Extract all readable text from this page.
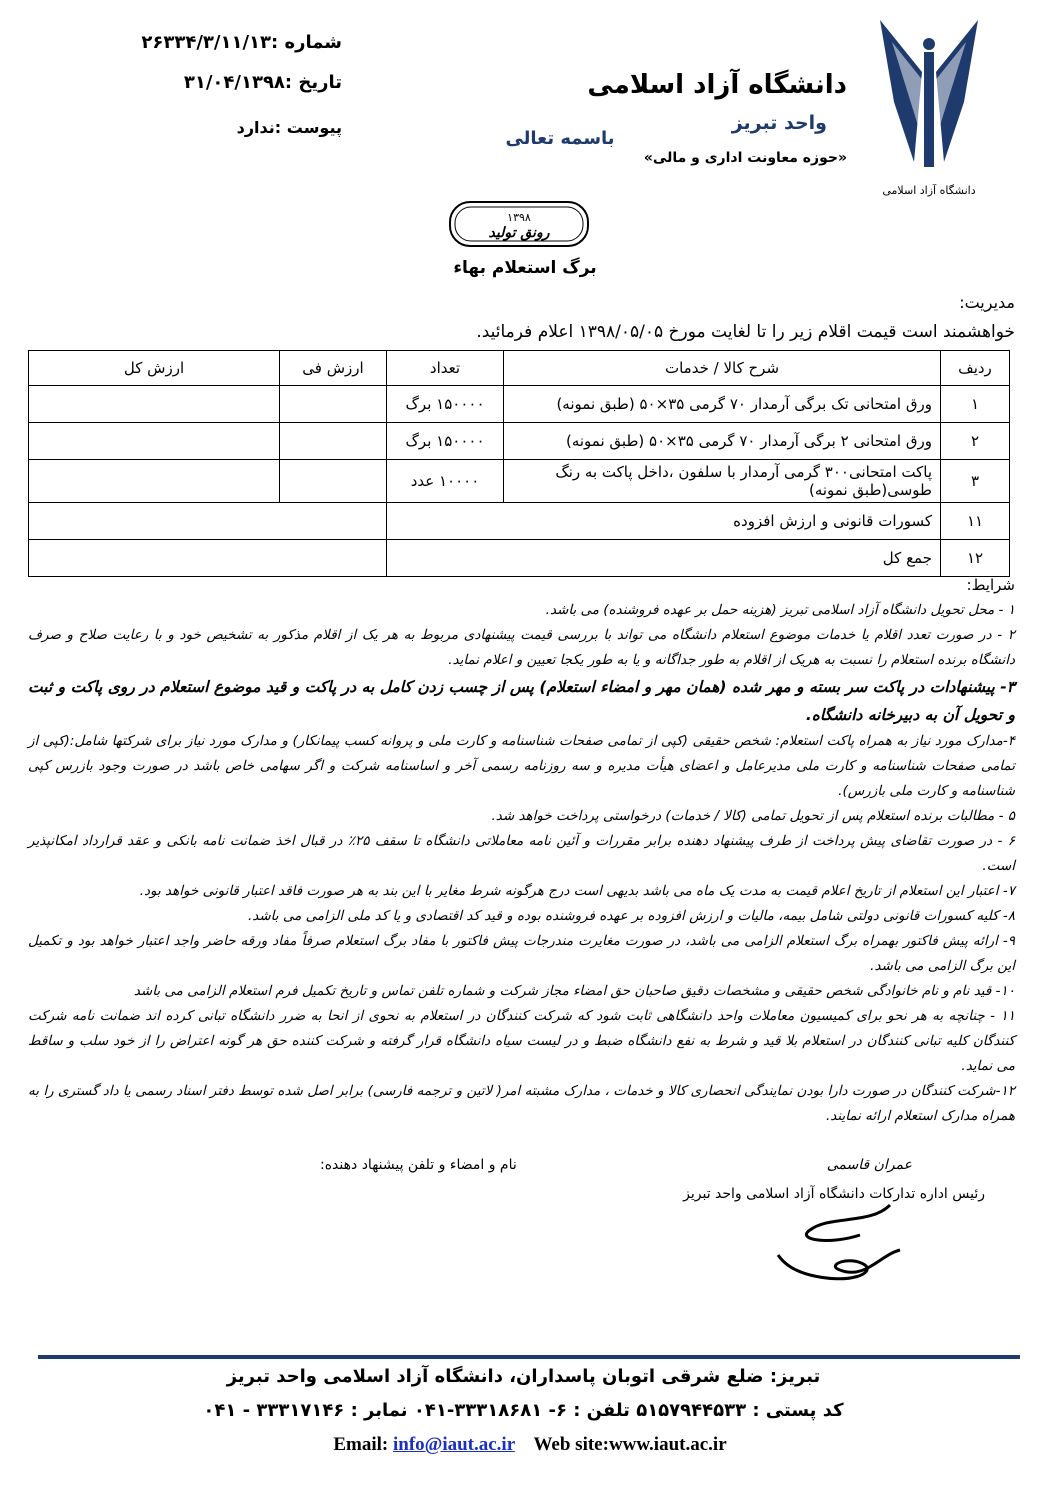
دانشگاه آزاد اسلامی
دانشگاه آزاد اسلامی
واحد تبریز
«حوزه معاونت اداری و مالی»
باسمه تعالی
شماره :۲۶۳۳۴/۳/۱۱/۱۳
تاریخ :۳۱/۰۴/۱۳۹۸
پیوست :ندارد
۱۳۹۸
رونق تولید
برگ استعلام بهاء
مدیریت:
خواهشمند است قیمت اقلام زیر را تا لغایت مورخ ۱۳۹۸/۰۵/۰۵ اعلام فرمائید.
ردیف	شرح کالا / خدمات	تعداد	ارزش فی	ارزش کل
۱	ورق امتحانی تک برگی آرمدار ۷۰ گرمی ۳۵×۵۰ (طبق نمونه)	۱۵۰۰۰۰ برگ		
۲	ورق امتحانی ۲ برگی آرمدار ۷۰ گرمی ۳۵×۵۰ (طبق نمونه)	۱۵۰۰۰۰ برگ		
۳	پاکت امتحانی۳۰۰ گرمی آرمدار با سلفون ،داخل پاکت به رنگ طوسی(طبق نمونه)	۱۰۰۰۰ عدد		
۱۱	کسورات قانونی و ارزش افزوده			
۱۲	جمع کل			
شرایط:

۱ - محل تحویل دانشگاه آزاد اسلامی تبریز (هزینه حمل بر عهده فروشنده) می باشد.

۲ - در صورت تعدد اقلام یا خدمات موضوع استعلام دانشگاه می تواند با بررسی قیمت پیشنهادی مربوط به هر یک از اقلام مذکور به تشخیص خود و با رعایت صلاح و صرف دانشگاه برنده استعلام را نسبت به هریک از اقلام به طور جداگانه و یا به طور یکجا تعیین و اعلام نماید.

۳- پیشنهادات در پاکت سر بسته و مهر شده (همان مهر و امضاء استعلام) پس از چسب زدن کامل به در پاکت و قید موضوع استعلام در روی پاکت و ثبت و تحویل آن به دبیرخانه دانشگاه.

۴-مدارک مورد نیاز به همراه پاکت استعلام: شخص حقیقی (کپی از تمامی صفحات شناسنامه و کارت ملی و پروانه کسب پیمانکار) و مدارک مورد نیاز برای شرکتها شامل:(کپی از تمامی صفحات شناسنامه و کارت ملی مدیرعامل و اعضای هیأت مدیره و سه روزنامه رسمی آخر و اساسنامه شرکت و اگر سهامی خاص باشد در صورت وجود بازرس کپی شناسنامه و کارت ملی بازرس).

۵ - مطالبات برنده استعلام پس از تحویل تمامی (کالا / خدمات) درخواستی پرداخت خواهد شد.

۶ - در صورت تقاضای پیش پرداخت از طرف پیشنهاد دهنده برابر مقررات و آئین نامه معاملاتی دانشگاه تا سقف ۲۵٪ در قبال اخذ ضمانت نامه بانکی و عقد قرارداد امکانپذیر است.

۷- اعتبار این استعلام از تاریخ اعلام قیمت به مدت یک ماه می باشد بدیهی است درج هرگونه شرط مغایر با این بند به هر صورت فاقد اعتبار قانونی خواهد بود.

۸- کلیه کسورات قانونی دولتی شامل بیمه، مالیات و ارزش افزوده بر عهده فروشنده بوده و قید کد اقتصادی و یا کد ملی الزامی می باشد.

۹- ارائه پیش فاکتور بهمراه برگ استعلام الزامی می باشد، در صورت مغایرت مندرجات پیش فاکتور با مفاد برگ استعلام صرفاً مفاد ورقه حاضر واجد اعتبار خواهد بود و تکمیل این برگ الزامی می باشد.

۱۰- قید نام و نام خانوادگی شخص حقیقی و مشخصات دقیق صاحبان حق امضاء مجاز شرکت و شماره تلفن تماس و تاریخ تکمیل فرم استعلام الزامی می باشد

۱۱ - چنانچه به هر نحو برای کمیسیون معاملات واحد دانشگاهی ثابت شود که شرکت کنندگان در استعلام به نحوی از انحا به ضرر دانشگاه تبانی کرده اند ضمانت نامه شرکت کنندگان کلیه تبانی کنندگان در استعلام بلا قید و شرط به نفع دانشگاه ضبط و در لیست سیاه دانشگاه قرار گرفته و شرکت کننده حق هر گونه اعتراض را از خود سلب و ساقط می نماید.

۱۲-شرکت کنندگان در صورت دارا بودن نمایندگی انحصاری کالا و خدمات ، مدارک مشبته امر( لاتین و ترجمه فارسی) برابر اصل شده توسط دفتر اسناد رسمی یا داد گستری را به همراه مدارک استعلام ارائه نمایند.

عمران قاسمی
نام و امضاء و تلفن پیشنهاد دهنده:
رئیس اداره تدارکات دانشگاه آزاد اسلامی واحد تبریز
تبریز: ضلع شرقی اتوبان پاسداران، دانشگاه آزاد اسلامی واحد تبریز
کد پستی : ۵۱۵۷۹۴۴۵۳۳ تلفن : ۶- ۳۳۳۱۸۶۸۱-۰۴۱ نمابر : ۳۳۳۱۷۱۴۶ - ۰۴۱
Email: info@iaut.ac.ir Web site:www.iaut.ac.ir
